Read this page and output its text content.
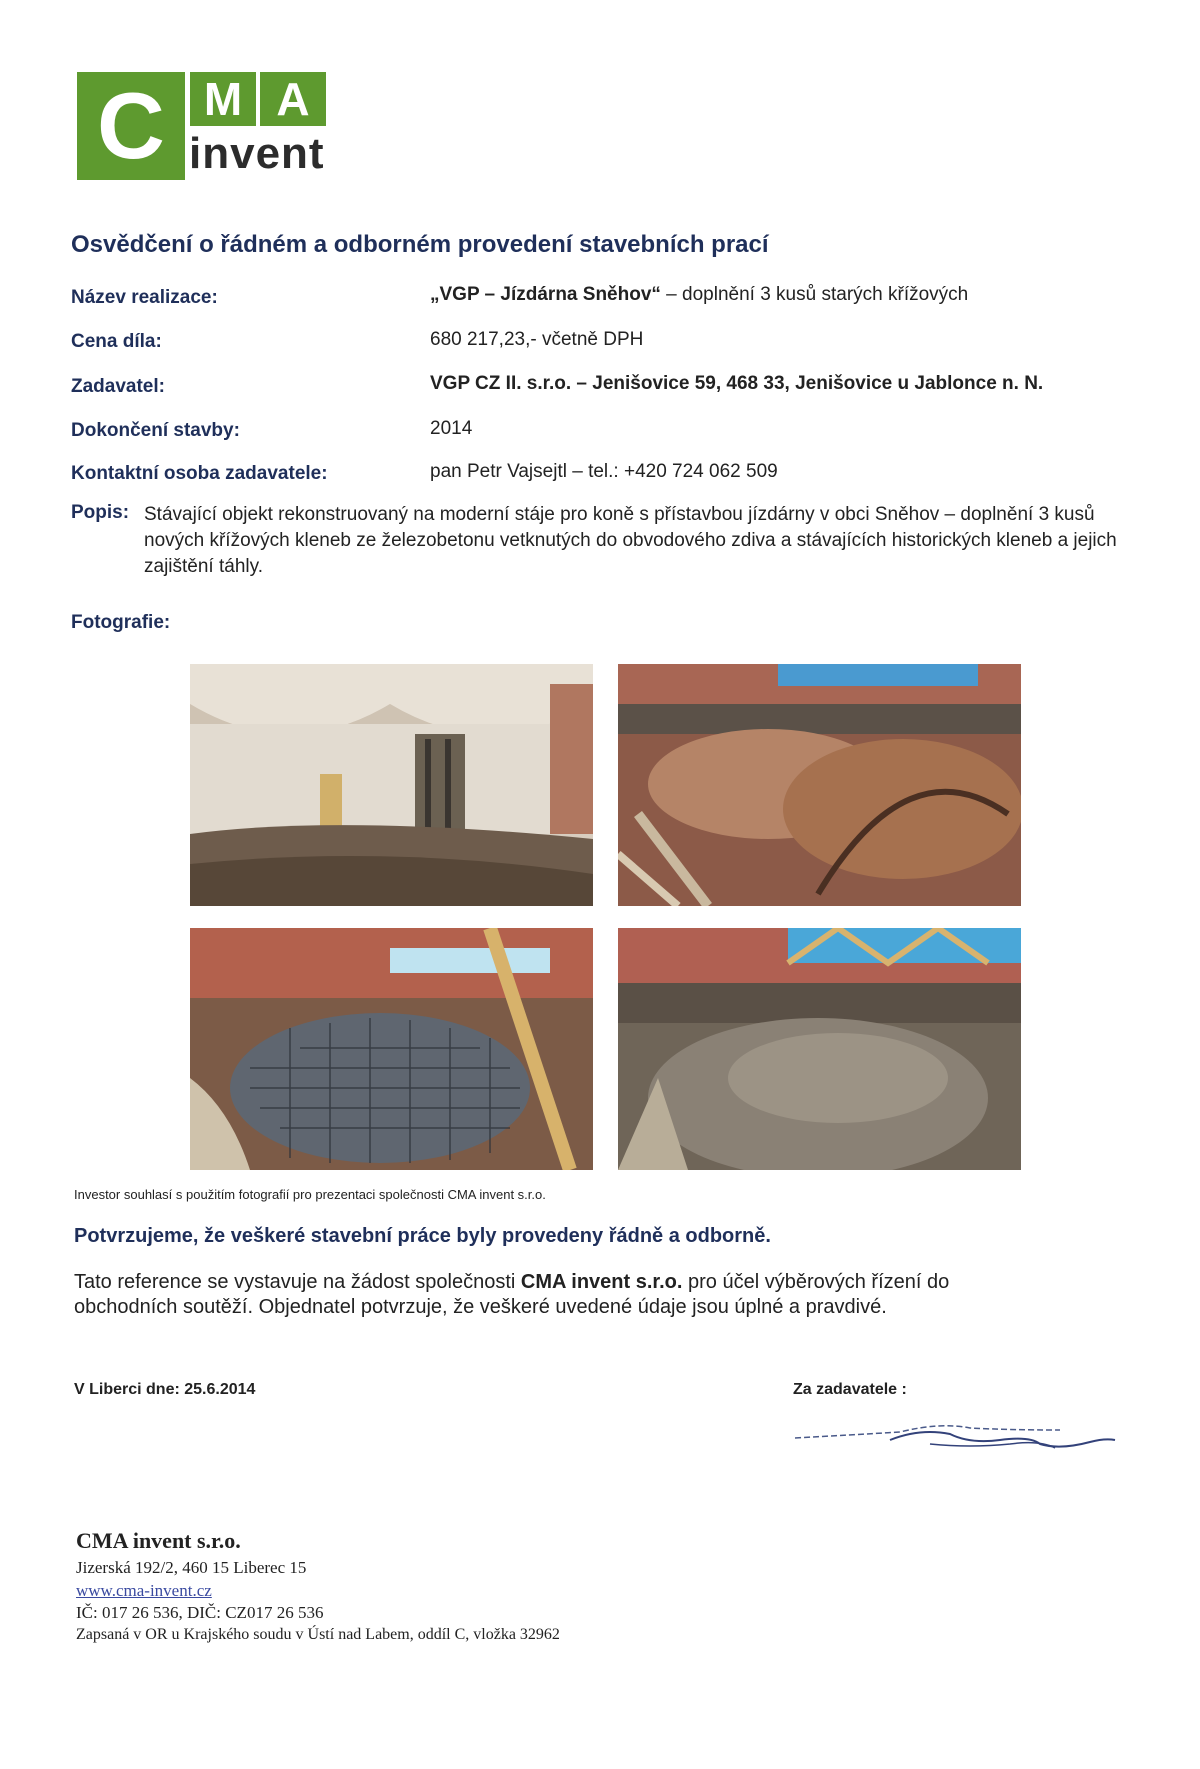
C M A
invent
Osvědčení o řádném a odborném provedení stavebních prací
Název realizace:	„VGP – Jízdárna Sněhov“ – doplnění 3 kusů starých křížových
Cena díla:	680 217,23,- včetně DPH
Zadavatel:	VGP CZ II. s.r.o. – Jenišovice 59, 468 33, Jenišovice u Jablonce n. N.
Dokončení stavby:	2014
Kontaktní osoba zadavatele:	pan Petr Vajsejtl – tel.: +420 724 062 509
Popis: Stávající objekt rekonstruovaný na moderní stáje pro koně s přístavbou jízdárny v obci Sněhov – doplnění 3 kusů nových křížových kleneb ze železobetonu vetknutých do obvodového zdiva a stávajících historických kleneb a jejich zajištění táhly.
Fotografie:
Investor souhlasí s použitím fotografií pro prezentaci společnosti CMA invent s.r.o.
Potvrzujeme, že veškeré stavební práce byly provedeny řádně a odborně.
Tato reference se vystavuje na žádost společnosti CMA invent s.r.o. pro účel výběrových řízení do obchodních soutěží. Objednatel potvrzuje, že veškeré uvedené údaje jsou úplné a pravdivé.
V Liberci dne: 25.6.2014	Za zadavatele :
CMA invent s.r.o.
Jizerská 192/2, 460 15 Liberec 15
www.cma-invent.cz
IČ: 017 26 536, DIČ: CZ017 26 536
Zapsaná v OR u Krajského soudu v Ústí nad Labem, oddíl C, vložka 32962
